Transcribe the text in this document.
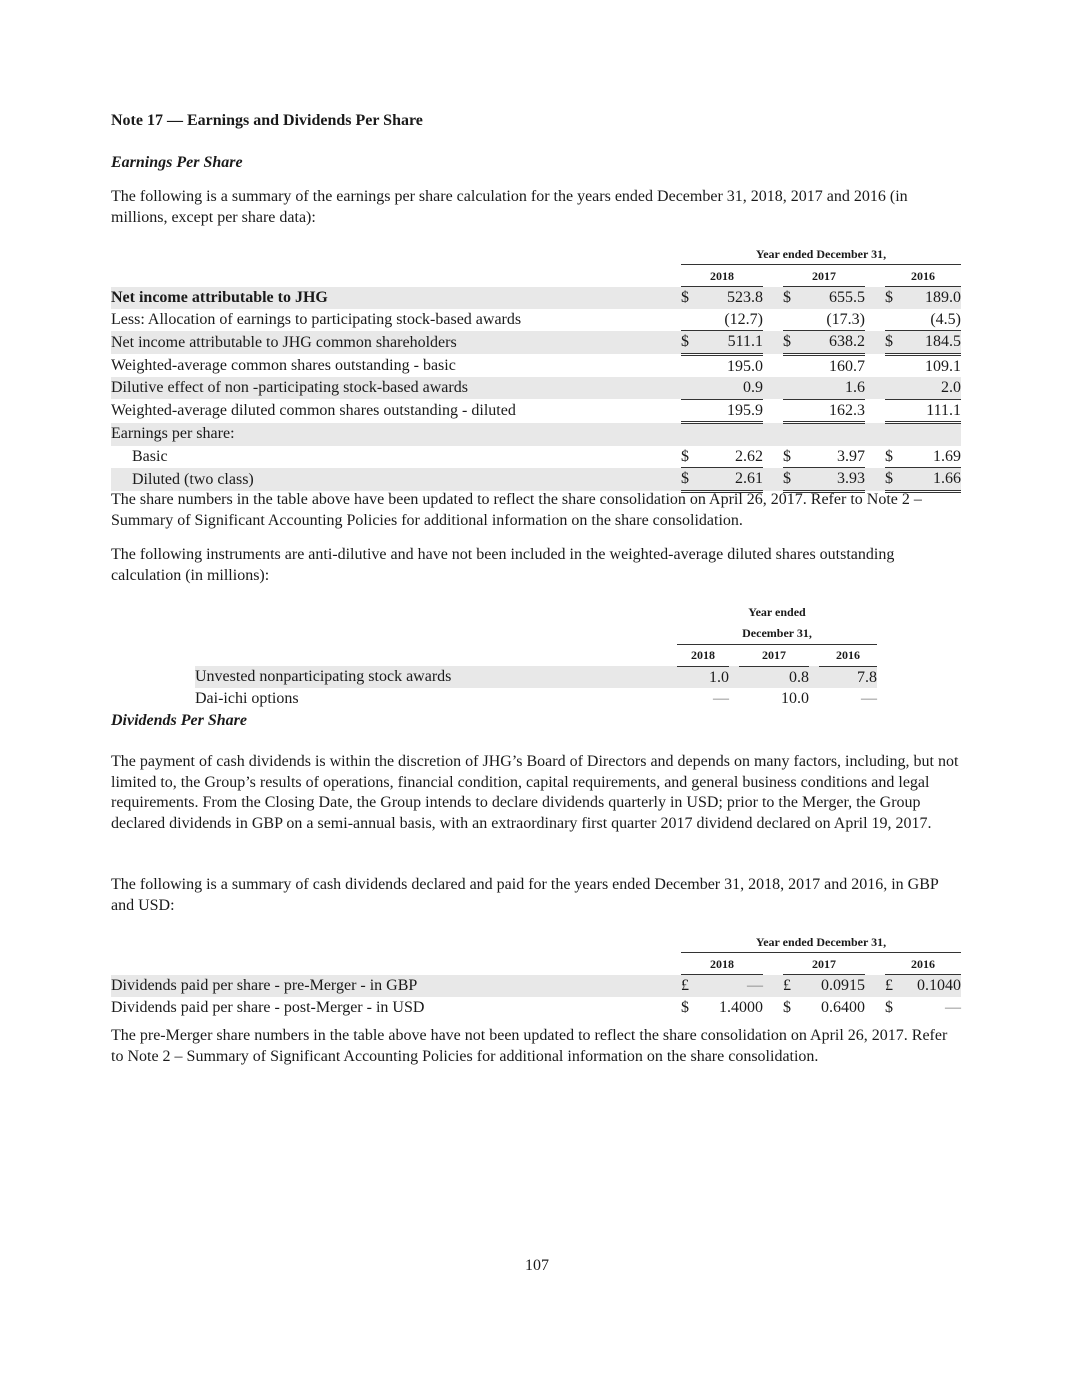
Note 17 — Earnings and Dividends Per Share
Earnings Per Share

The following is a summary of the earnings per share calculation for the years ended December 31, 2018, 2017 and 2016 (in millions, except per share data):

	Year ended December 31,							
	2018			2017			2016	
Net income attributable to JHG	$	523.8		$	655.5		$	189.0
Less: Allocation of earnings to participating stock-based awards		(12.7)			(17.3)			(4.5)
Net income attributable to JHG common shareholders	$	511.1		$	638.2		$	184.5
Weighted-average common shares outstanding - basic		195.0			160.7			109.1
Dilutive effect of non -participating stock-based awards		0.9			1.6			2.0
Weighted-average diluted common shares outstanding - diluted		195.9			162.3			111.1
Earnings per share:								
Basic	$	2.62		$	3.97		$	1.69
Diluted (two class)	$	2.61		$	3.93		$	1.66

The share numbers in the table above have been updated to reflect the share consolidation on April 26, 2017. Refer to Note 2 – Summary of Significant Accounting Policies for additional information on the share consolidation.

The following instruments are anti-dilutive and have not been included in the weighted-average diluted shares outstanding calculation (in millions):

	Year ended					
	December 31,					
	2018		2017			2016
Unvested nonparticipating stock awards	1.0			0.8		7.8
Dai-ichi options	—			10.0		—
Dividends Per Share

The payment of cash dividends is within the discretion of JHG’s Board of Directors and depends on many factors, including, but not limited to, the Group’s results of operations, financial condition, capital requirements, and general business conditions and legal requirements. From the Closing Date, the Group intends to declare dividends quarterly in USD; prior to the Merger, the Group declared dividends in GBP on a semi-annual basis, with an extraordinary first quarter 2017 dividend declared on April 19, 2017.

The following is a summary of cash dividends declared and paid for the years ended December 31, 2018, 2017 and 2016, in GBP and USD:

	Year ended December 31,							
	2018			2017			2016	
Dividends paid per share - pre-Merger - in GBP	£	—		£	0.0915		£	0.1040
Dividends paid per share - post-Merger - in USD	$	1.4000		$	0.6400		$	—

The pre-Merger share numbers in the table above have not been updated to reflect the share consolidation on April 26, 2017. Refer to Note 2 – Summary of Significant Accounting Policies for additional information on the share consolidation.

107
